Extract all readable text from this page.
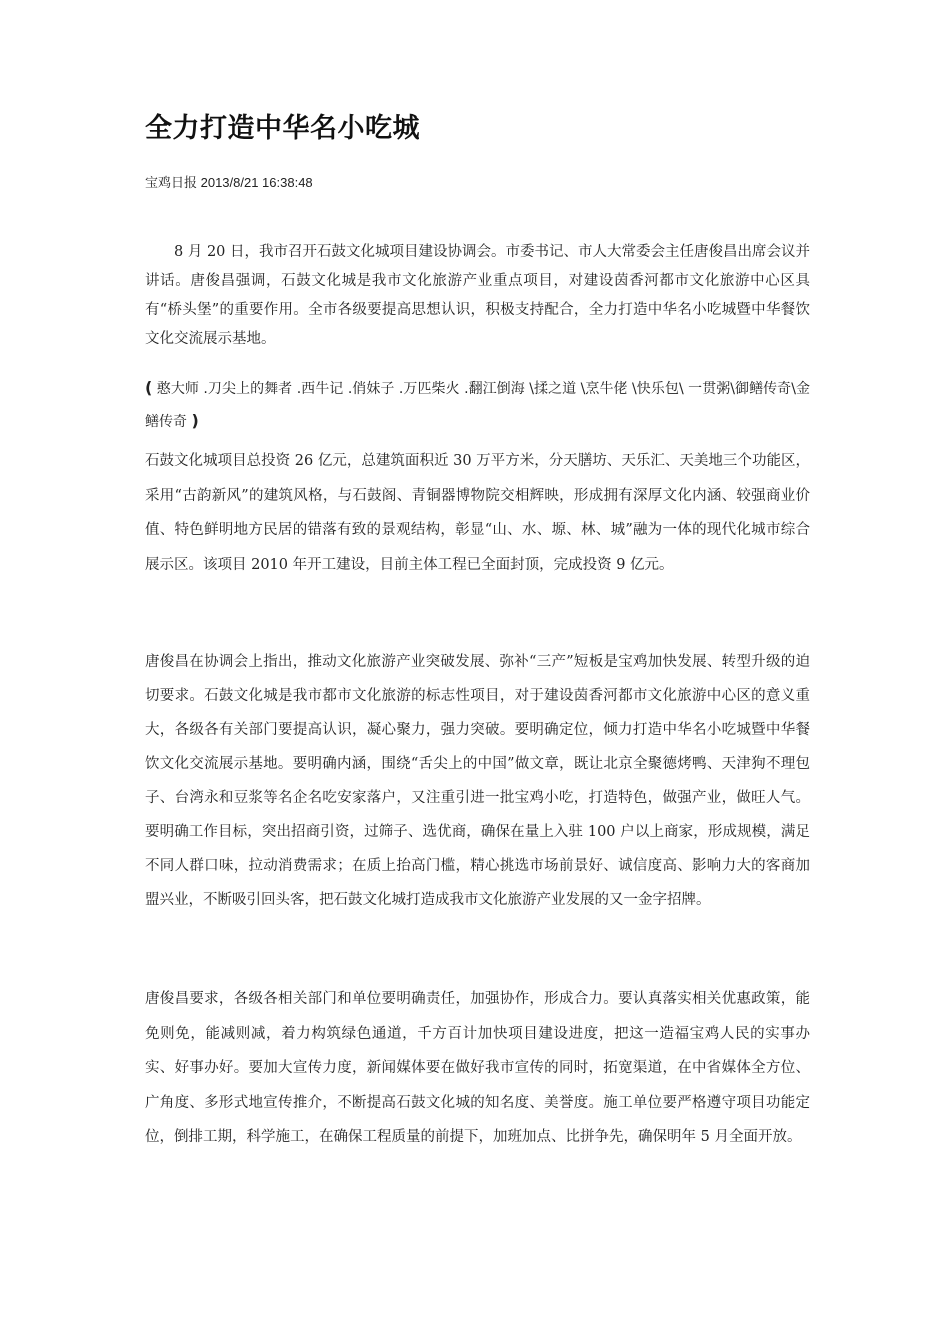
全力打造中华名小吃城
宝鸡日报 2013/8/21 16:38:48
8 月 20 日，我市召开石鼓文化城项目建设协调会。市委书记、市人大常委会主任唐俊昌出席会议并讲话。唐俊昌强调，石鼓文化城是我市文化旅游产业重点项目，对建设茵香河都市文化旅游中心区具有“桥头堡”的重要作用。全市各级要提高思想认识，积极支持配合，全力打造中华名小吃城暨中华餐饮文化交流展示基地。
( 憨大师 .刀尖上的舞者 .西牛记 .俏妹子 .万匹柴火 .翻江倒海 \揉之道 \烹牛佬 \快乐包\ 一贯粥\御鳝传奇\金鳝传奇 )
石鼓文化城项目总投资 26 亿元，总建筑面积近 30 万平方米，分天膳坊、天乐汇、天美地三个功能区，采用“古韵新风”的建筑风格，与石鼓阁、青铜器博物院交相辉映，形成拥有深厚文化内涵、较强商业价值、特色鲜明地方民居的错落有致的景观结构，彰显“山、水、塬、林、城”融为一体的现代化城市综合展示区。该项目 2010 年开工建设，目前主体工程已全面封顶，完成投资 9 亿元。
唐俊昌在协调会上指出，推动文化旅游产业突破发展、弥补“三产”短板是宝鸡加快发展、转型升级的迫切要求。石鼓文化城是我市都市文化旅游的标志性项目，对于建设茵香河都市文化旅游中心区的意义重大，各级各有关部门要提高认识，凝心聚力，强力突破。要明确定位，倾力打造中华名小吃城暨中华餐饮文化交流展示基地。要明确内涵，围绕“舌尖上的中国”做文章，既让北京全聚德烤鸭、天津狗不理包子、台湾永和豆浆等名企名吃安家落户，又注重引进一批宝鸡小吃，打造特色，做强产业，做旺人气。要明确工作目标，突出招商引资，过筛子、选优商，确保在量上入驻 100 户以上商家，形成规模，满足不同人群口味，拉动消费需求；在质上抬高门槛，精心挑选市场前景好、诚信度高、影响力大的客商加盟兴业，不断吸引回头客，把石鼓文化城打造成我市文化旅游产业发展的又一金字招牌。
唐俊昌要求，各级各相关部门和单位要明确责任，加强协作，形成合力。要认真落实相关优惠政策，能免则免，能减则减，着力构筑绿色通道，千方百计加快项目建设进度，把这一造福宝鸡人民的实事办实、好事办好。要加大宣传力度，新闻媒体要在做好我市宣传的同时，拓宽渠道，在中省媒体全方位、广角度、多形式地宣传推介，不断提高石鼓文化城的知名度、美誉度。施工单位要严格遵守项目功能定位，倒排工期，科学施工，在确保工程质量的前提下，加班加点、比拼争先，确保明年 5 月全面开放。
